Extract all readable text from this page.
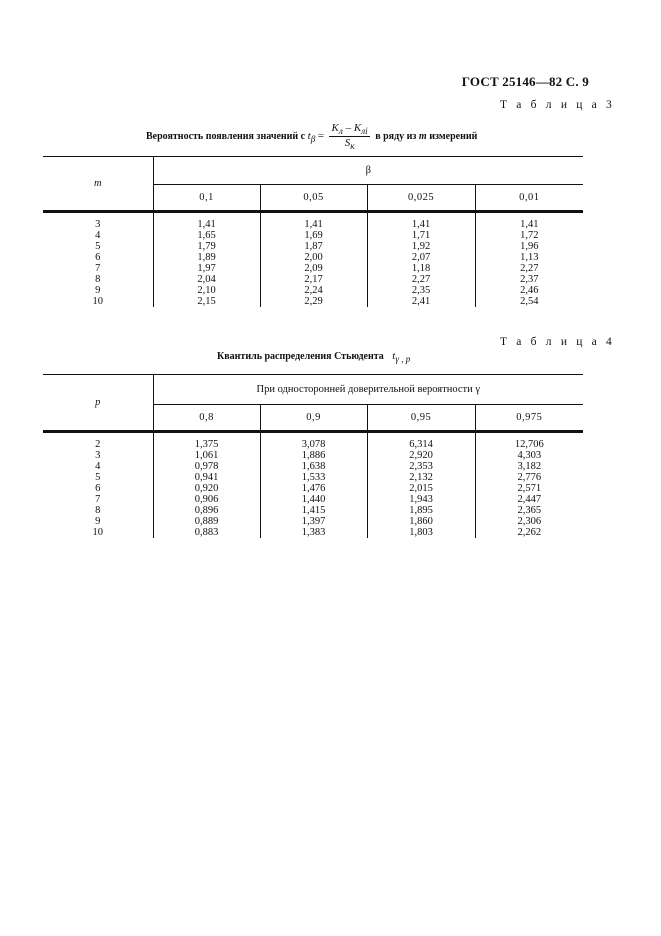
ГОСТ 25146—82 С. 9
Т а б л и ц а 3
Вероятность появления значений с $t_\beta = \frac{K_л - K_{лi}}{S_к}$ в ряду из m измерений
m	β			
	0,1	0,05	0,025	0,01
3	1,41	1,41	1,41	1,41
4	1,65	1,69	1,71	1,72
5	1,79	1,87	1,92	1,96
6	1,89	2,00	2,07	1,13
7	1,97	2,09	1,18	2,27
8	2,04	2,17	2,27	2,37
9	2,10	2,24	2,35	2,46
10	2,15	2,29	2,41	2,54
Т а б л и ц а 4
Квантиль распределения Стьюдента $t_{\gamma , p}$
p	При односторонней доверительной вероятности γ			
	0,8	0,9	0,95	0,975
2	1,375	3,078	6,314	12,706
3	1,061	1,886	2,920	4,303
4	0,978	1,638	2,353	3,182
5	0,941	1,533	2,132	2,776
6	0,920	1,476	2,015	2,571
7	0,906	1,440	1,943	2,447
8	0,896	1,415	1,895	2,365
9	0,889	1,397	1,860	2,306
10	0,883	1,383	1,803	2,262
